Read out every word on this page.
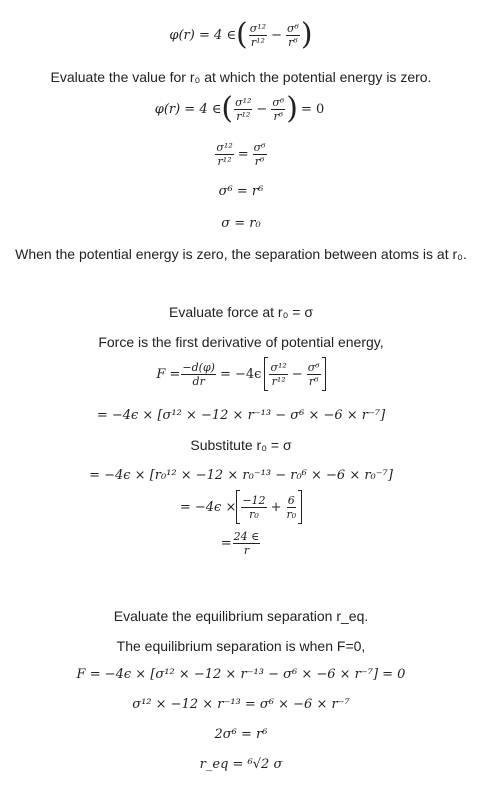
φ(r) = 4 ∈ ( $\frac{\text{σ¹²}}{\text{r¹²}} - \frac{\text{σ⁶}}{\text{r⁶}}$ )
Evaluate the value for r₀ at which the potential energy is zero.
φ(r) = 4 ∈ ( $\frac{\text{σ¹²}}{\text{r¹²}} - \frac{\text{σ⁶}}{\text{r⁶}}$ ) = 0
$\frac{\text{σ¹²}}{\text{r¹²}} = \frac{\text{σ⁶}}{\text{r⁶}}$
σ⁶ = r⁶
σ = r₀
When the potential energy is zero, the separation between atoms is at r₀.
Evaluate force at r₀ = σ
Force is the first derivative of potential energy,
$F = \frac{-d(\varphi)}{dr} = -4\epsilon \frac{\text{σ¹²}}{\text{r¹²}} - \frac{\text{σ⁶}}{\text{r⁶}}$
= −4ϵ × [σ¹² × −12 × r⁻¹³ − σ⁶ × −6 × r⁻⁷]
Substitute r₀ = σ
= −4ϵ × [r₀¹² × −12 × r₀⁻¹³ − r₀⁶ × −6 × r₀⁻⁷]
= $-4\epsilon \times \frac{-12}{\text{r₀}} + \frac{6}{\text{r₀}}$
= $\frac{24 \in}{r}$
Evaluate the equilibrium separation r_eq.
The equilibrium separation is when F=0,
F = −4ϵ × [σ¹² × −12 × r⁻¹³ − σ⁶ × −6 × r⁻⁷] = 0
σ¹² × −12 × r⁻¹³ = σ⁶ × −6 × r⁻⁷
2σ⁶ = r⁶
r_eq = ⁶√2 σ
